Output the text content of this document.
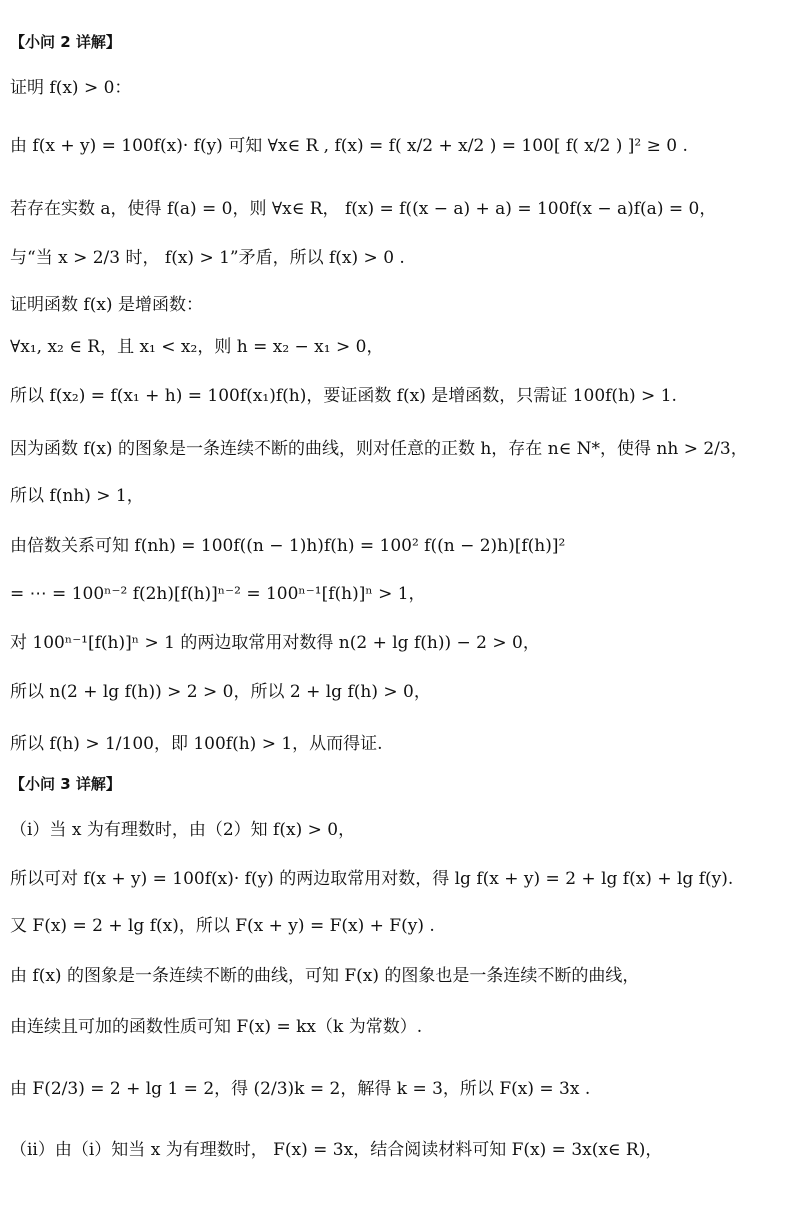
【小问 2 详解】
证明 f(x) > 0：
由 f(x + y) = 100f(x)· f(y) 可知 ∀x∈ R , f(x) = f( x/2 + x/2 ) = 100[ f( x/2 ) ]² ≥ 0 .
若存在实数 a，使得 f(a) = 0，则 ∀x∈ R， f(x) = f((x − a) + a) = 100f(x − a)f(a) = 0，
与“当 x > 2/3 时， f(x) > 1”矛盾，所以 f(x) > 0 .
证明函数 f(x) 是增函数：
∀x₁, x₂ ∈ R，且 x₁ < x₂，则 h = x₂ − x₁ > 0，
所以 f(x₂) = f(x₁ + h) = 100f(x₁)f(h)，要证函数 f(x) 是增函数，只需证 100f(h) > 1.
因为函数 f(x) 的图象是一条连续不断的曲线，则对任意的正数 h，存在 n∈ N*，使得 nh > 2/3，
所以 f(nh) > 1，
由倍数关系可知 f(nh) = 100f((n − 1)h)f(h) = 100² f((n − 2)h)[f(h)]²
= ⋯ = 100ⁿ⁻² f(2h)[f(h)]ⁿ⁻² = 100ⁿ⁻¹[f(h)]ⁿ > 1，
对 100ⁿ⁻¹[f(h)]ⁿ > 1 的两边取常用对数得 n(2 + lg f(h)) − 2 > 0，
所以 n(2 + lg f(h)) > 2 > 0，所以 2 + lg f(h) > 0，
所以 f(h) > 1/100，即 100f(h) > 1，从而得证.
【小问 3 详解】
（i）当 x 为有理数时，由（2）知 f(x) > 0，
所以可对 f(x + y) = 100f(x)· f(y) 的两边取常用对数，得 lg f(x + y) = 2 + lg f(x) + lg f(y).
又 F(x) = 2 + lg f(x)，所以 F(x + y) = F(x) + F(y) .
由 f(x) 的图象是一条连续不断的曲线，可知 F(x) 的图象也是一条连续不断的曲线，
由连续且可加的函数性质可知 F(x) = kx（k 为常数）.
由 F(2/3) = 2 + lg 1 = 2，得 (2/3)k = 2，解得 k = 3，所以 F(x) = 3x .
（ii）由（i）知当 x 为有理数时， F(x) = 3x，结合阅读材料可知 F(x) = 3x(x∈ R)，
